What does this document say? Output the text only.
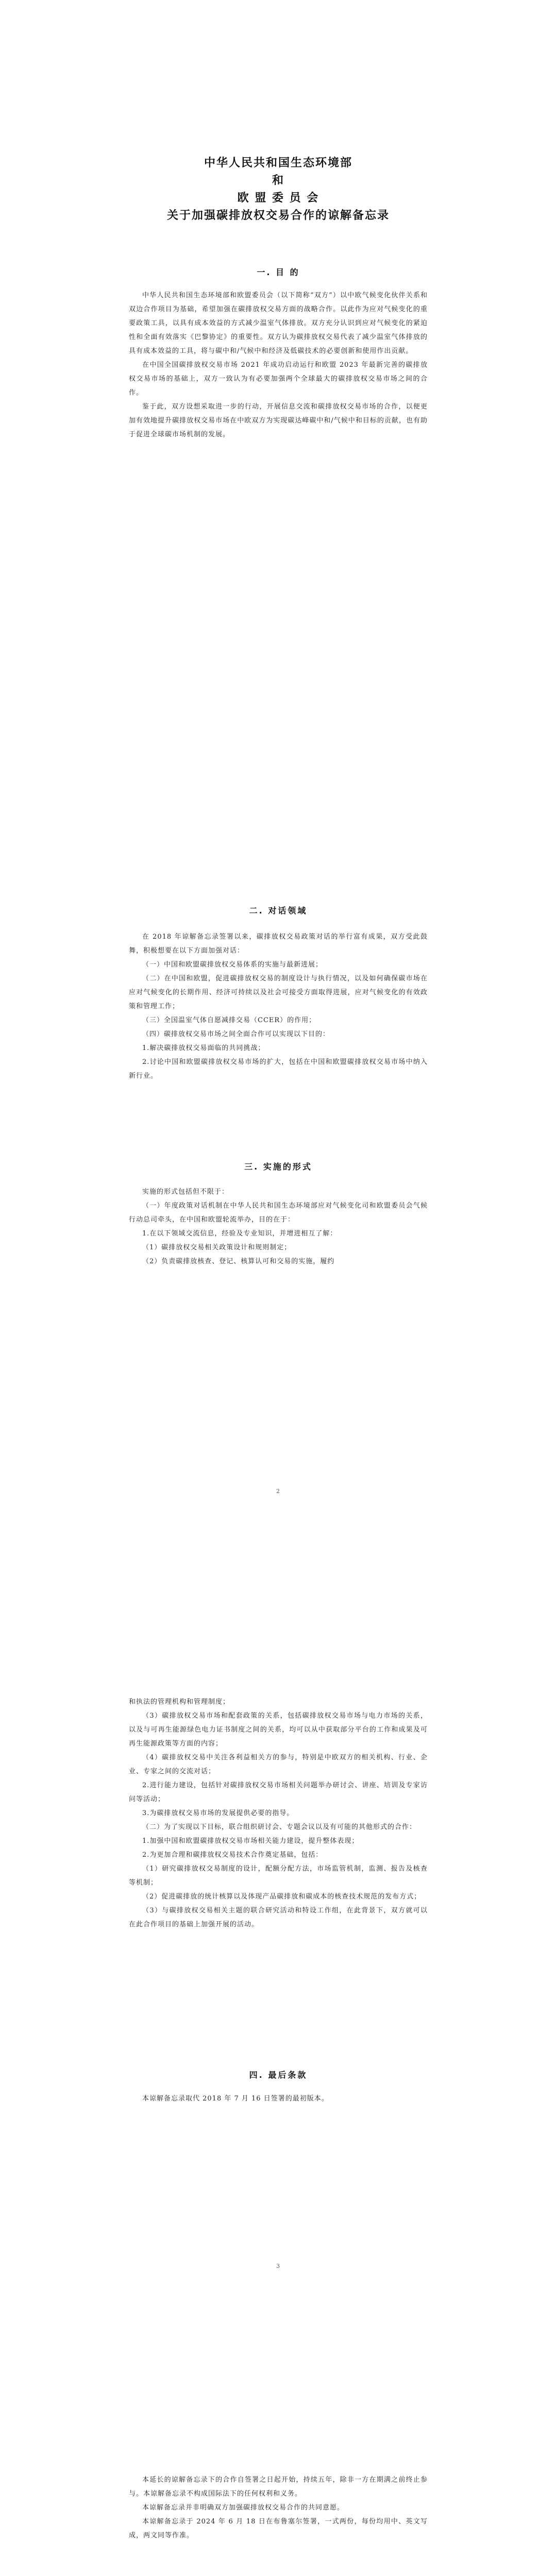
中华人民共和国生态环境部
和
欧 盟 委 员 会
关于加强碳排放权交易合作的谅解备忘录
一. 目 的

中华人民共和国生态环境部和欧盟委员会（以下简称“双方”）以中欧气候变化伙伴关系和双边合作项目为基础，希望加强在碳排放权交易方面的战略合作。以此作为应对气候变化的重要政策工具，以具有成本效益的方式减少温室气体排放。双方充分认识到应对气候变化的紧迫性和全面有效落实《巴黎协定》的重要性。双方认为碳排放权交易代表了减少温室气体排放的具有成本效益的工具，将与碳中和/气候中和经济及低碳技术的必要创新和使用作出贡献。

在中国全国碳排放权交易市场 2021 年成功启动运行和欧盟 2023 年最新完善的碳排放权交易市场的基础上，双方一致认为有必要加强两个全球最大的碳排放权交易市场之间的合作。

鉴于此，双方设想采取进一步的行动，开展信息交流和碳排放权交易市场的合作，以便更加有效地提升碳排放权交易市场在中欧双方为实现碳达峰碳中和/气候中和目标的贡献，也有助于促进全球碳市场机制的发展。

二. 对话领域

在 2018 年谅解备忘录签署以来，碳排放权交易政策对话的举行富有成果，双方受此鼓舞，积极想要在以下方面加强对话：

（一）中国和欧盟碳排放权交易体系的实施与最新进展；

（二）在中国和欧盟，促进碳排放权交易的制度设计与执行情况，以及如何确保碳市场在应对气候变化的长期作用、经济可持续以及社会可接受方面取得进展，应对气候变化的有效政策和管理工作；

（三）全国温室气体自愿减排交易（CCER）的作用；

（四）碳排放权交易市场之间全面合作可以实现以下目的：

1.解决碳排放权交易面临的共同挑战；

2.讨论中国和欧盟碳排放权交易市场的扩大，包括在中国和欧盟碳排放权交易市场中纳入新行业。

三. 实施的形式

实施的形式包括但不限于：

（一）年度政策对话机制在中华人民共和国生态环境部应对气候变化司和欧盟委员会气候行动总司牵头，在中国和欧盟轮流举办，目的在于：

1.在以下领域交流信息，经验及专业知识，并增进相互了解：

（1）碳排放权交易相关政策设计和规则制定；

（2）负责碳排放核查、登记、核算认可和交易的实施，履约

2

和执法的管理机构和管理制度；

（3）碳排放权交易市场和配套政策的关系，包括碳排放权交易市场与电力市场的关系，以及与可再生能源绿色电力证书制度之间的关系，均可以从中获取部分平台的工作和成果及可再生能源政策等方面的内容；

（4）碳排放权交易中关注各利益相关方的参与，特别是中欧双方的相关机构、行业、企业、专家之间的交流对话；

2.进行能力建设，包括针对碳排放权交易市场相关问题举办研讨会、讲座、培训及专家访问等活动；

3.为碳排放权交易市场的发展提供必要的指导。

（二）为了实现以下目标，联合组织研讨会、专题会议以及有可能的其他形式的合作：

1.加强中国和欧盟碳排放权交易市场相关能力建设，提升整体表现；

2.为更加合理和碳排放权交易技术合作奠定基础，包括：

（1）研究碳排放权交易制度的设计，配额分配方法，市场监管机制，监测、报告及核查等机制；

（2）促进碳排放的统计核算以及体现产品碳排放和碳成本的核查技术规范的发布方式；

（3）与碳排放权交易相关主题的联合研究活动和特设工作组，在此背景下，双方就可以在此合作项目的基础上加强开展的活动。

四. 最后条款

本谅解备忘录取代 2018 年 7 月 16 日签署的最初版本。

3

本延长的谅解备忘录下的合作自签署之日起开始，持续五年，除非一方在期满之前终止参与。本谅解备忘录不构成国际法下的任何权利和义务。

本谅解备忘录并非明确双方加强碳排放权交易合作的共同意愿。

本谅解备忘录于 2024 年 6 月 18 日在布鲁塞尔签署，一式两份，每份均用中、英文写成，两文同等作准。
